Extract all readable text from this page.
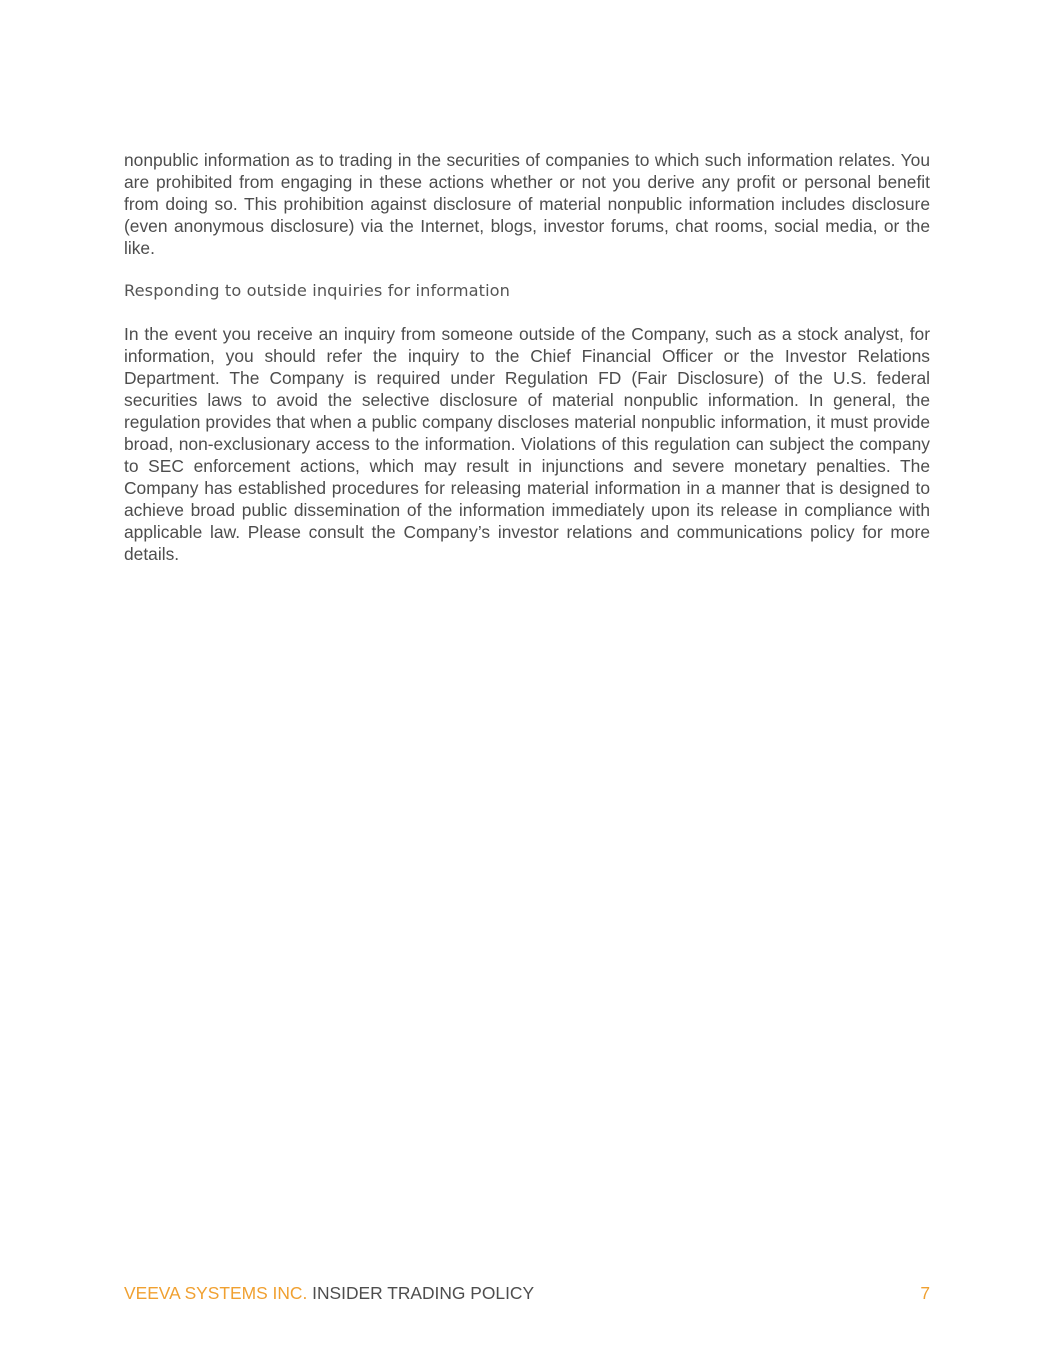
nonpublic information as to trading in the securities of companies to which such information relates. You are prohibited from engaging in these actions whether or not you derive any profit or personal benefit from doing so. This prohibition against disclosure of material nonpublic information includes disclosure (even anonymous disclosure) via the Internet, blogs, investor forums, chat rooms, social media, or the like.

Responding to outside inquiries for information

In the event you receive an inquiry from someone outside of the Company, such as a stock analyst, for information, you should refer the inquiry to the Chief Financial Officer or the Investor Relations Department. The Company is required under Regulation FD (Fair Disclosure) of the U.S. federal securities laws to avoid the selective disclosure of material nonpublic information. In general, the regulation provides that when a public company discloses material nonpublic information, it must provide broad, non-exclusionary access to the information. Violations of this regulation can subject the company to SEC enforcement actions, which may result in injunctions and severe monetary penalties. The Company has established procedures for releasing material information in a manner that is designed to achieve broad public dissemination of the information immediately upon its release in compliance with applicable law. Please consult the Company’s investor relations and communications policy for more details.

VEEVA SYSTEMS INC. INSIDER TRADING POLICY	7
